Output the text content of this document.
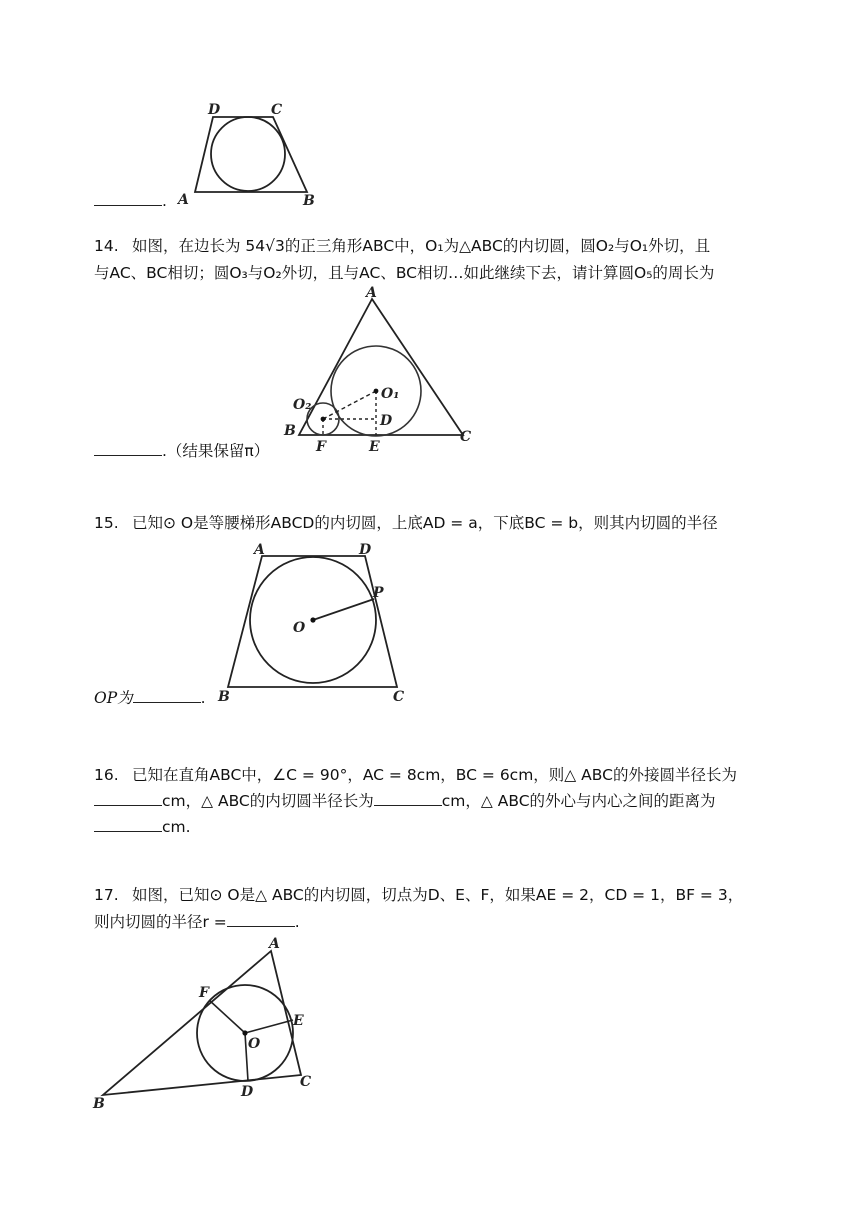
D	C
A	B
.
14. 如图，在边长为 54√3的正三角形ABC中，O₁为△ABC的内切圆，圆O₂与O₁外切，且
与AC、BC相切；圆O₃与O₂外切，且与AC、BC相切…如此继续下去，请计算圆O₅的周长为
A
O₁
O₂
D
B
F	E
C
.（结果保留π）
15. 已知⊙ O是等腰梯形ABCD的内切圆，上底AD = a，下底BC = b，则其内切圆的半径
A	D
P
O
B	C
OP为	.
16. 已知在直角ABC中，∠C = 90°，AC = 8cm，BC = 6cm，则△ ABC的外接圆半径长为
cm，△ ABC的内切圆半径长为	cm，△ ABC的外心与内心之间的距离为
cm.
17. 如图，已知⊙ O是△ ABC的内切圆，切点为D、E、F，如果AE = 2，CD = 1，BF = 3，
则内切圆的半径r =	.
A
F
E
O
D
C
B
